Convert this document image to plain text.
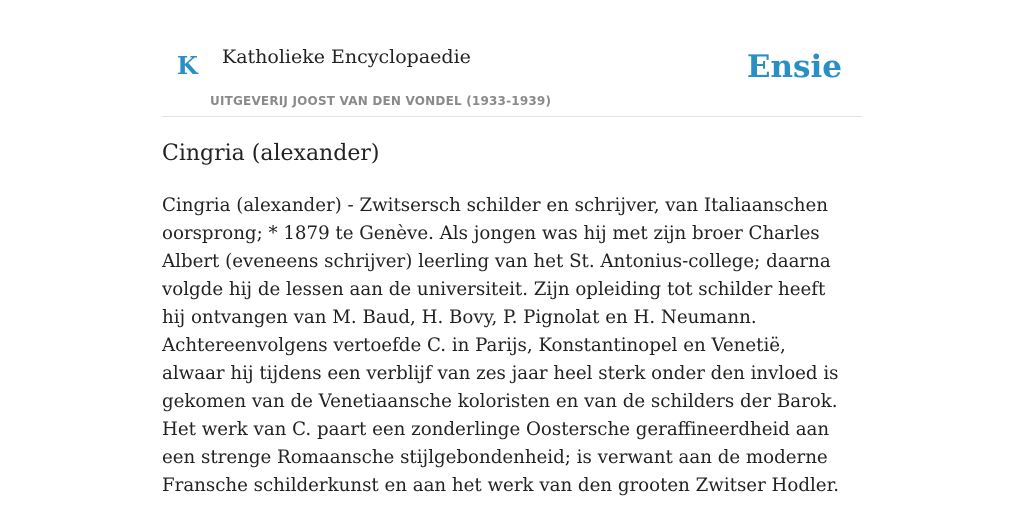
K Katholieke Encyclopaedie
UITGEVERIJ JOOST VAN DEN VONDEL (1933-1939)
Ensie
Cingria (alexander)

Cingria (alexander) - Zwitsersch schilder en schrijver, van Italiaanschen oorsprong; * 1879 te Genève. Als jongen was hij met zijn broer Charles Albert (eveneens schrijver) leerling van het St. Antonius-college; daarna volgde hij de lessen aan de universiteit. Zijn opleiding tot schilder heeft hij ontvangen van M. Baud, H. Bovy, P. Pignolat en H. Neumann. Achtereenvolgens vertoefde C. in Parijs, Konstantinopel en Venetië, alwaar hij tijdens een verblijf van zes jaar heel sterk onder den invloed is gekomen van de Venetiaansche koloristen en van de schilders der Barok. Het werk van C. paart een zonderlinge Oostersche geraffineerdheid aan een strenge Romaansche stijlgebondenheid; is verwant aan de moderne Fransche schilderkunst en aan het werk van den grooten Zwitser Hodler.
